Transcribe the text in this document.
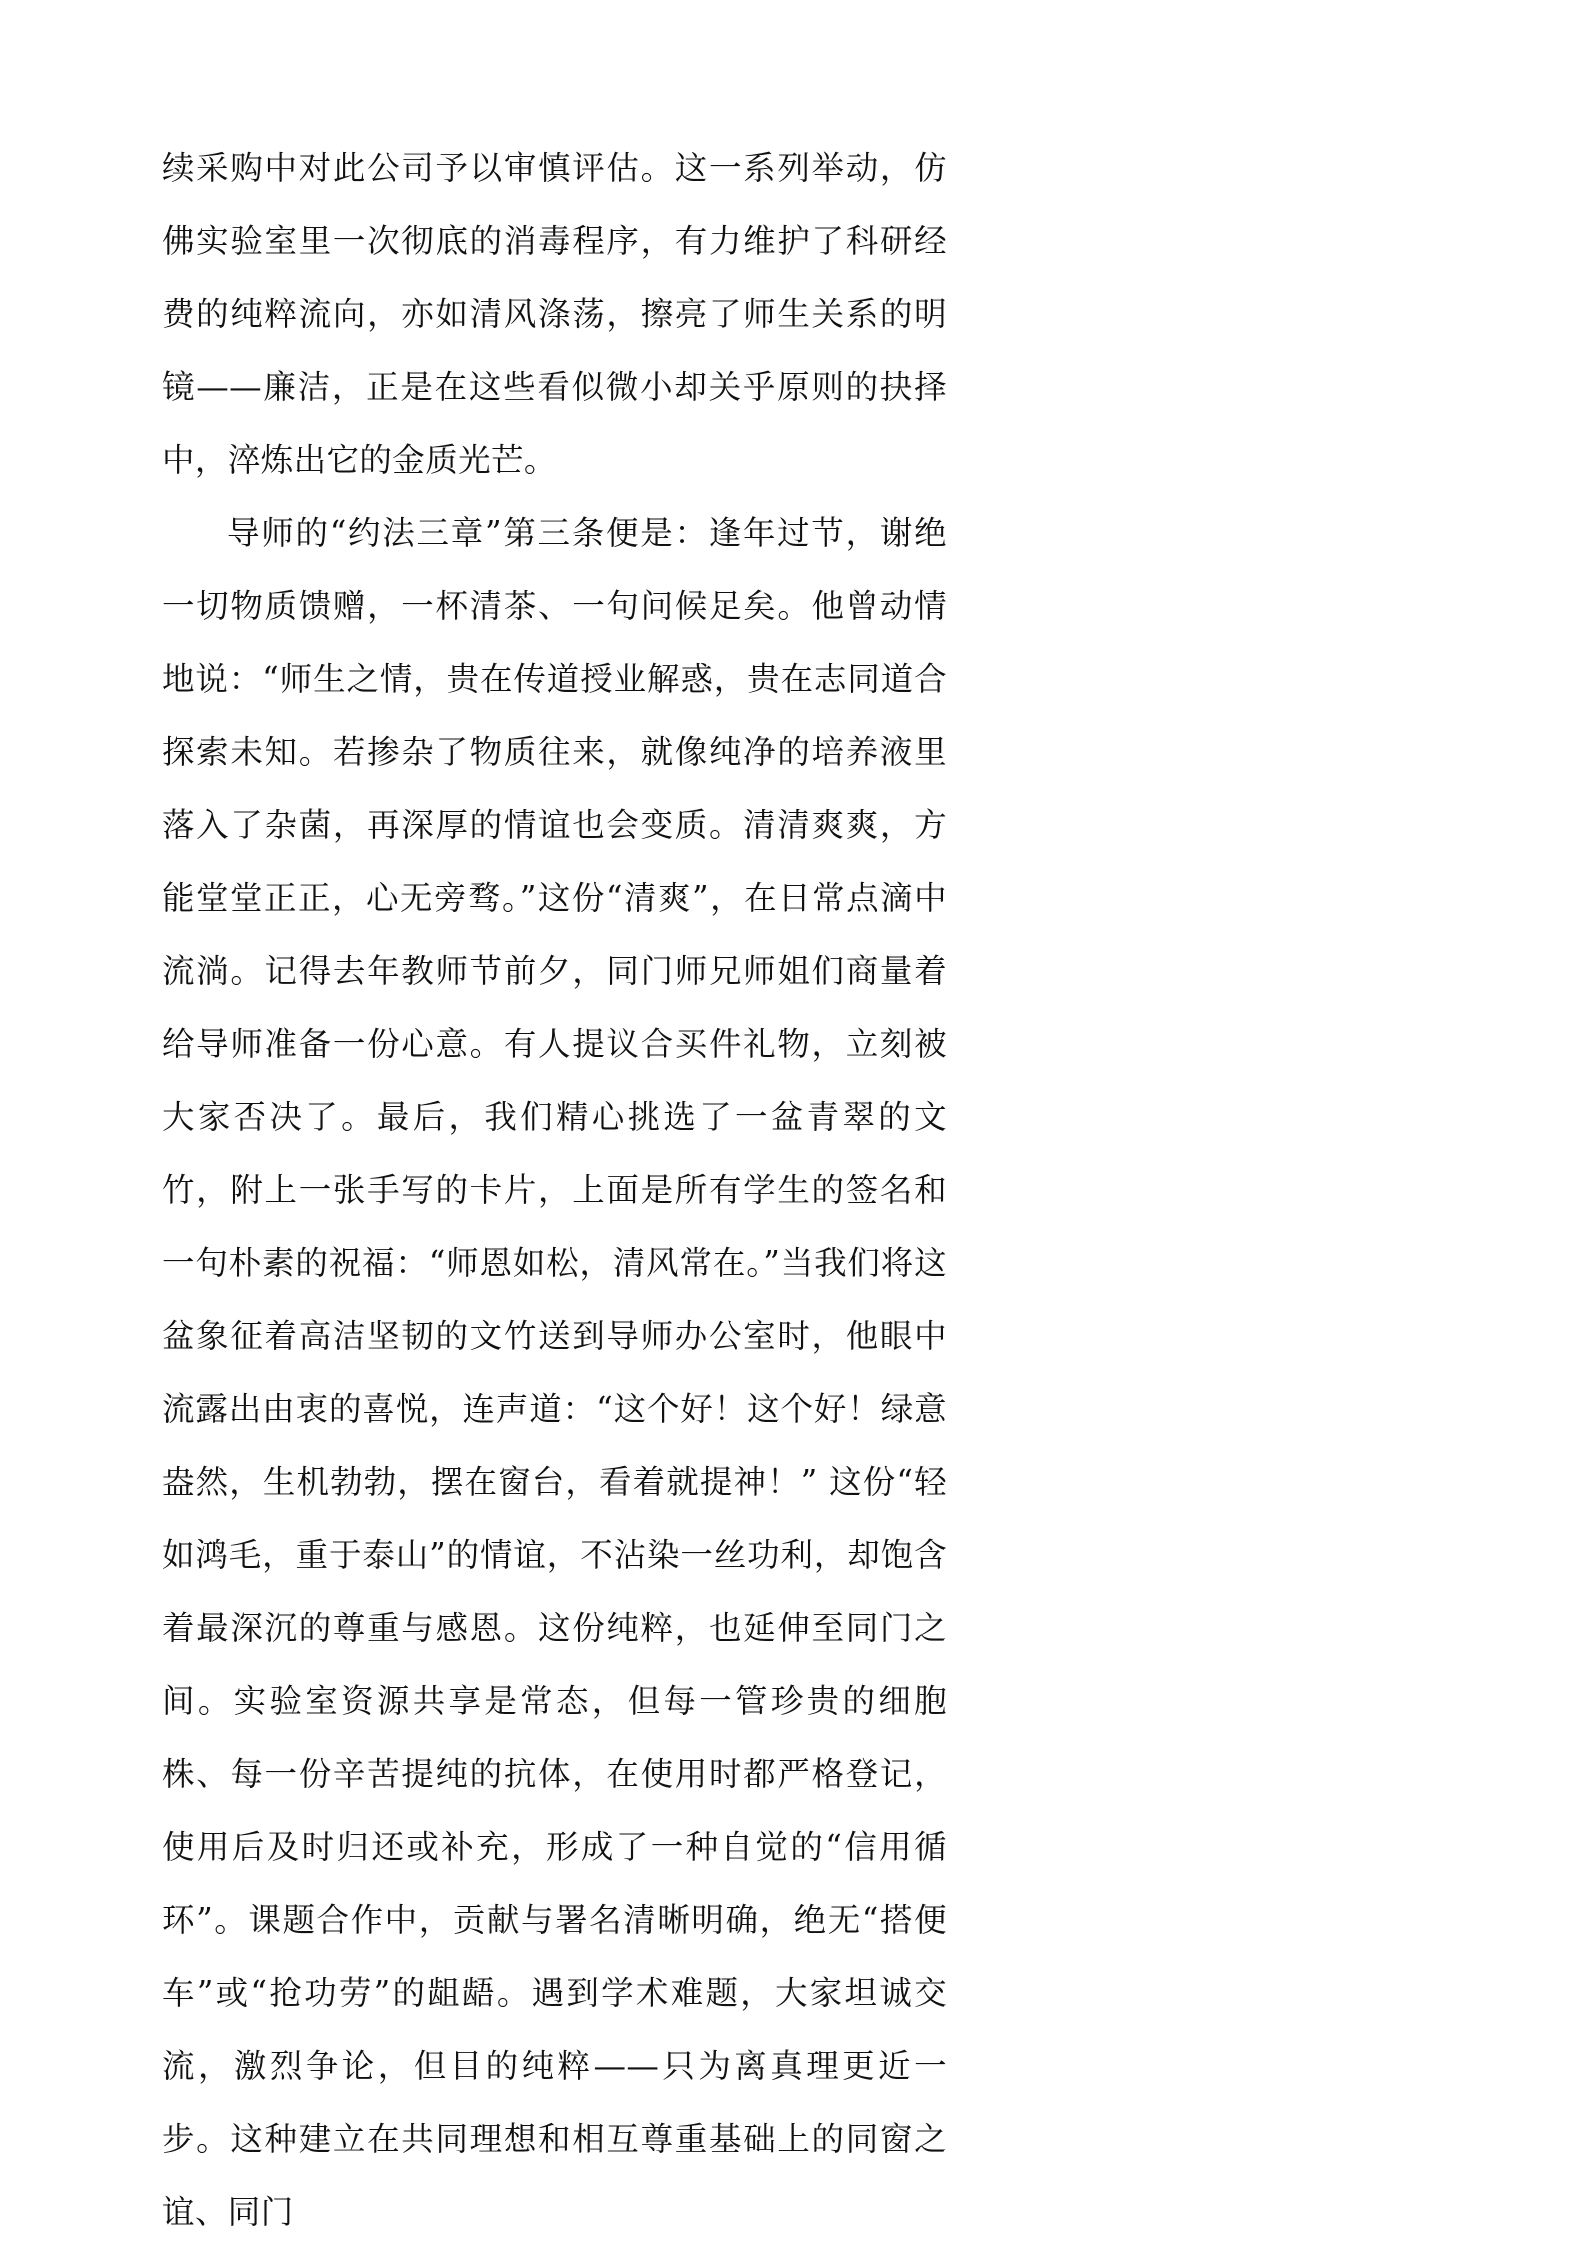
续采购中对此公司予以审慎评估。这一系列举动，仿佛实验室里一次彻底的消毒程序，有力维护了科研经费的纯粹流向，亦如清风涤荡，擦亮了师生关系的明镜——廉洁，正是在这些看似微小却关乎原则的抉择中，淬炼出它的金质光芒。

导师的“约法三章”第三条便是：逢年过节，谢绝一切物质馈赠，一杯清茶、一句问候足矣。他曾动情地说：“师生之情，贵在传道授业解惑，贵在志同道合探索未知。若掺杂了物质往来，就像纯净的培养液里落入了杂菌，再深厚的情谊也会变质。清清爽爽，方能堂堂正正，心无旁骛。”这份“清爽”，在日常点滴中流淌。记得去年教师节前夕，同门师兄师姐们商量着给导师准备一份心意。有人提议合买件礼物，立刻被大家否决了。最后，我们精心挑选了一盆青翠的文竹，附上一张手写的卡片，上面是所有学生的签名和一句朴素的祝福：“师恩如松，清风常在。”当我们将这盆象征着高洁坚韧的文竹送到导师办公室时，他眼中流露出由衷的喜悦，连声道：“这个好！这个好！绿意盎然，生机勃勃，摆在窗台，看着就提神！” 这份“轻如鸿毛，重于泰山”的情谊，不沾染一丝功利，却饱含着最深沉的尊重与感恩。这份纯粹，也延伸至同门之间。实验室资源共享是常态，但每一管珍贵的细胞株、每一份辛苦提纯的抗体，在使用时都严格登记，使用后及时归还或补充，形成了一种自觉的“信用循环”。课题合作中，贡献与署名清晰明确，绝无“搭便车”或“抢功劳”的龃龉。遇到学术难题，大家坦诚交流，激烈争论，但目的纯粹——只为离真理更近一步。这种建立在共同理想和相互尊重基础上的同窗之谊、同门
